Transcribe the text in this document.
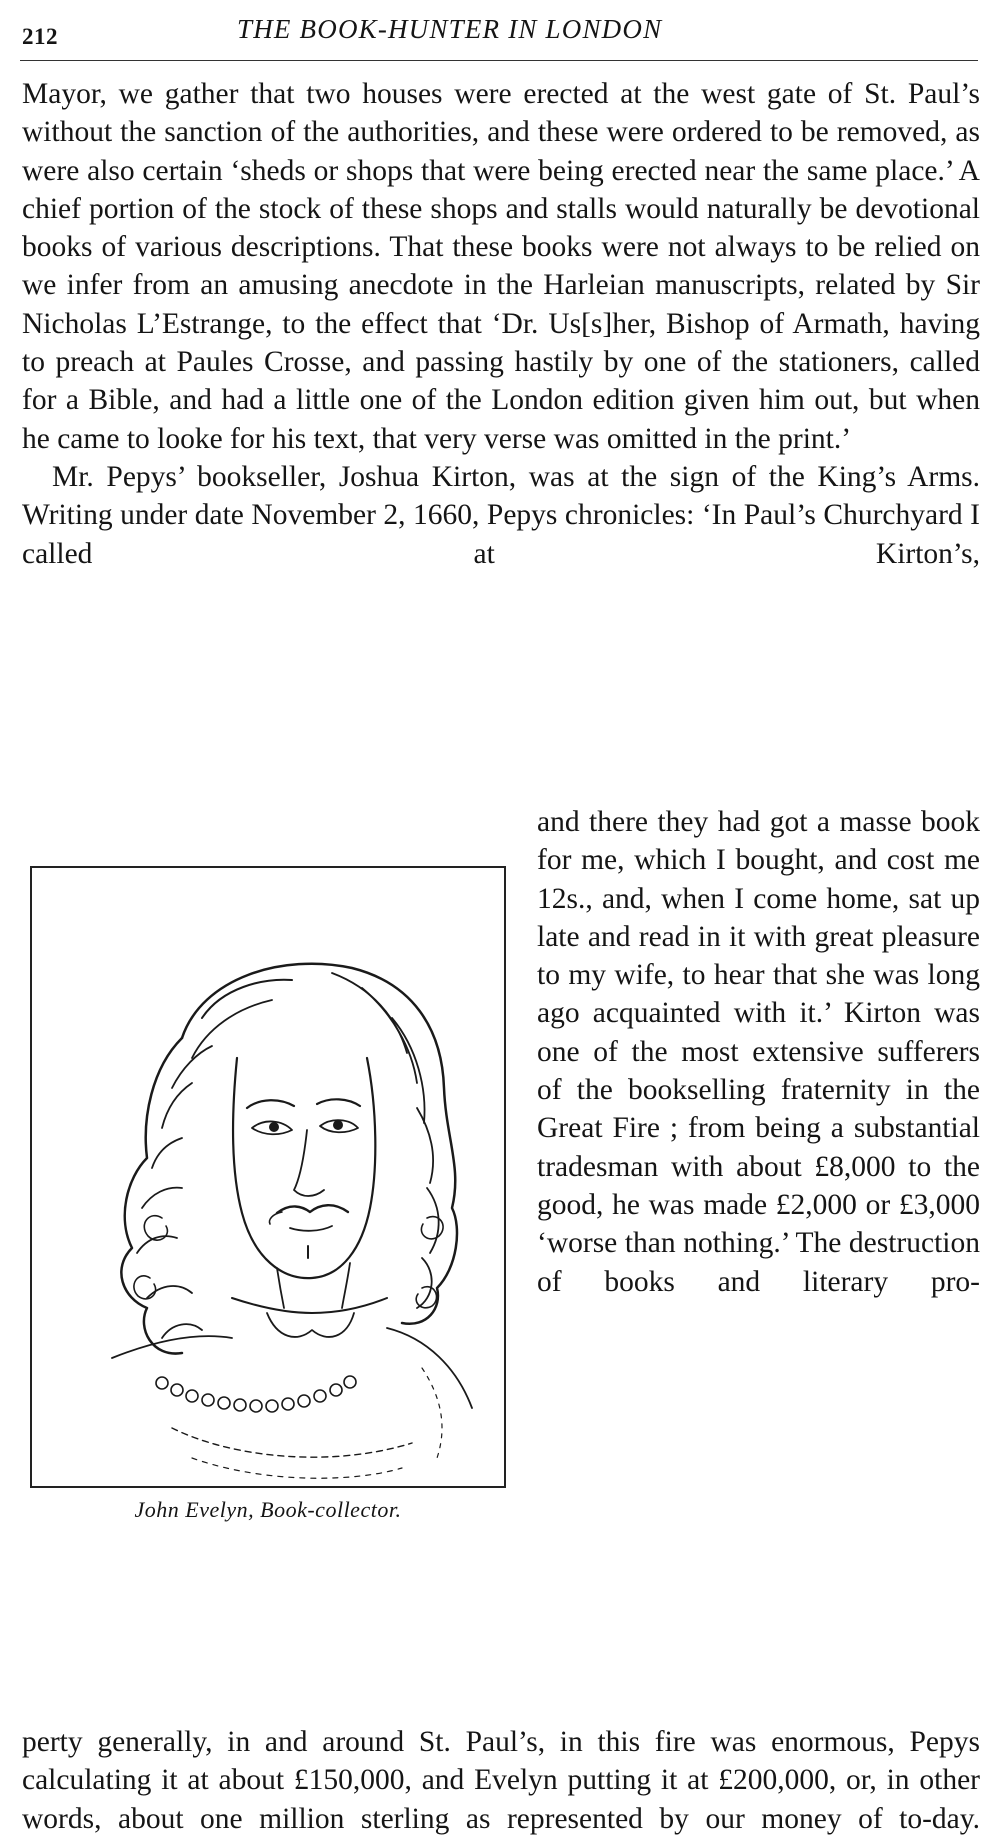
212	THE BOOK-HUNTER IN LONDON

Mayor, we gather that two houses were erected at the west gate of St. Paul’s without the sanction of the authorities, and these were ordered to be removed, as were also certain ‘sheds or shops that were being erected near the same place.’ A chief portion of the stock of these shops and stalls would naturally be devotional books of various descriptions. That these books were not always to be relied on we infer from an amusing anecdote in the Harleian manuscripts, related by Sir Nicholas L’Estrange, to the effect that ‘Dr. Us[s]her, Bishop of Armath, having to preach at Paules Crosse, and passing hastily by one of the stationers, called for a Bible, and had a little one of the London edition given him out, but when he came to looke for his text, that very verse was omitted in the print.’

Mr. Pepys’ bookseller, Joshua Kirton, was at the sign of the King’s Arms. Writing under date November 2, 1660, Pepys chronicles: ‘In Paul’s Churchyard I called at Kirton’s,

John Evelyn, Book-collector.

and there they had got a masse book for me, which I bought, and cost me 12s., and, when I come home, sat up late and read in it with great pleasure to my wife, to hear that she was long ago acquainted with it.’ Kirton was one of the most extensive sufferers of the bookselling fraternity in the Great Fire ; from being a substantial tradesman with about £8,000 to the good, he was made £2,000 or £3,000 ‘worse than nothing.’ The destruction of books and literary pro-

perty generally, in and around St. Paul’s, in this fire was enormous, Pepys calculating it at about £150,000, and Evelyn putting it at £200,000, or, in other words, about one million sterling as represented by our money of to-day.
